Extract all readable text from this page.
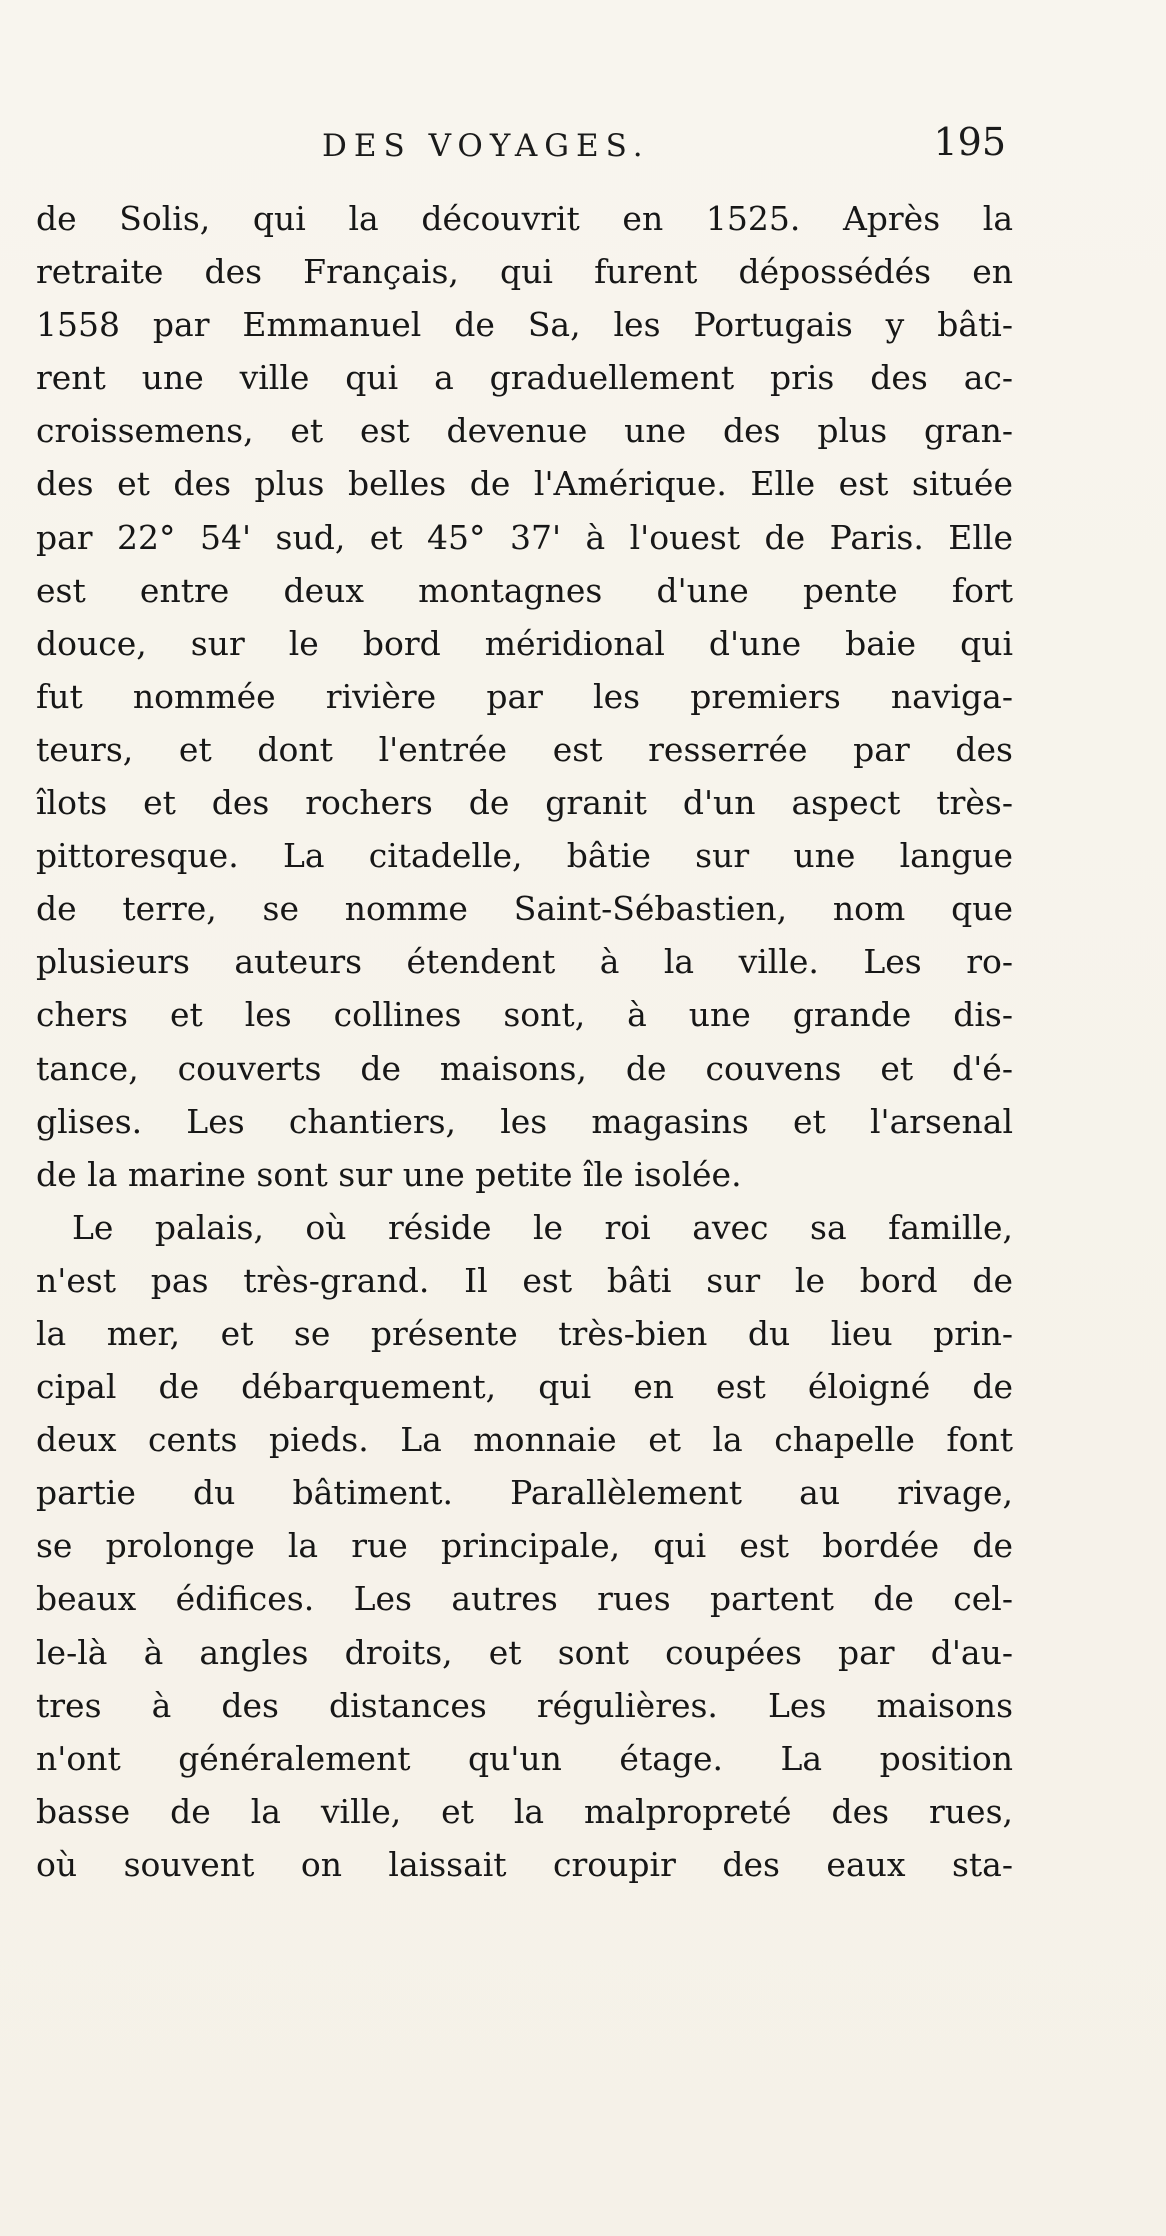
DES VOYAGES.	195
de Solis, qui la découvrit en 1525. Après la
retraite des Français, qui furent dépossédés en
1558 par Emmanuel de Sa, les Portugais y bâti-
rent une ville qui a graduellement pris des ac-
croissemens, et est devenue une des plus gran-
des et des plus belles de l'Amérique. Elle est située
par 22° 54' sud, et 45° 37' à l'ouest de Paris. Elle
est entre deux montagnes d'une pente fort
douce, sur le bord méridional d'une baie qui
fut nommée rivière par les premiers naviga-
teurs, et dont l'entrée est resserrée par des
îlots et des rochers de granit d'un aspect très-
pittoresque. La citadelle, bâtie sur une langue
de terre, se nomme Saint-Sébastien, nom que
plusieurs auteurs étendent à la ville. Les ro-
chers et les collines sont, à une grande dis-
tance, couverts de maisons, de couvens et d'é-
glises. Les chantiers, les magasins et l'arsenal
de la marine sont sur une petite île isolée.
Le palais, où réside le roi avec sa famille,
n'est pas très-grand. Il est bâti sur le bord de
la mer, et se présente très-bien du lieu prin-
cipal de débarquement, qui en est éloigné de
deux cents pieds. La monnaie et la chapelle font
partie du bâtiment. Parallèlement au rivage,
se prolonge la rue principale, qui est bordée de
beaux édifices. Les autres rues partent de cel-
le-là à angles droits, et sont coupées par d'au-
tres à des distances régulières. Les maisons
n'ont généralement qu'un étage. La position
basse de la ville, et la malpropreté des rues,
où souvent on laissait croupir des eaux sta-
